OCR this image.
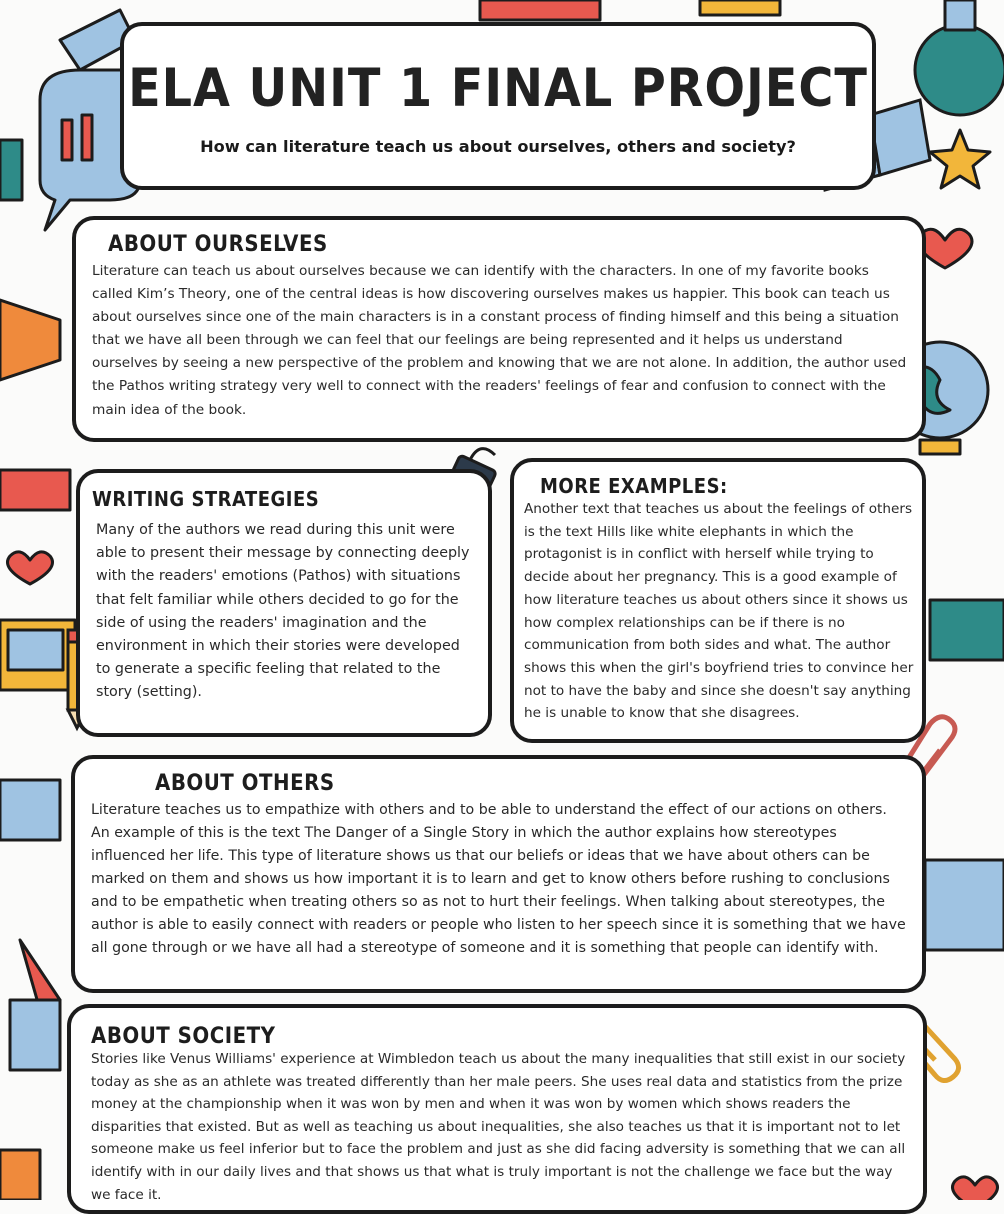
ELA UNIT 1 FINAL PROJECT
How can literature teach us about ourselves, others and society?
ABOUT OURSELVES

Literature can teach us about ourselves because we can identify with the characters. In one of my favorite books called Kim’s Theory, one of the central ideas is how discovering ourselves makes us happier. This book can teach us about ourselves since one of the main characters is in a constant process of finding himself and this being a situation that we have all been through we can feel that our feelings are being represented and it helps us understand ourselves by seeing a new perspective of the problem and knowing that we are not alone. In addition, the author used the Pathos writing strategy very well to connect with the readers' feelings of fear and confusion to connect with the main idea of the book.

WRITING STRATEGIES

Many of the authors we read during this unit were able to present their message by connecting deeply with the readers' emotions (Pathos) with situations that felt familiar while others decided to go for the side of using the readers' imagination and the environment in which their stories were developed to generate a specific feeling that related to the story (setting).

MORE EXAMPLES:

Another text that teaches us about the feelings of others is the text Hills like white elephants in which the protagonist is in conflict with herself while trying to decide about her pregnancy. This is a good example of how literature teaches us about others since it shows us how complex relationships can be if there is no communication from both sides and what. The author shows this when the girl's boyfriend tries to convince her not to have the baby and since she doesn't say anything he is unable to know that she disagrees.

ABOUT OTHERS

Literature teaches us to empathize with others and to be able to understand the effect of our actions on others. An example of this is the text The Danger of a Single Story in which the author explains how stereotypes influenced her life. This type of literature shows us that our beliefs or ideas that we have about others can be marked on them and shows us how important it is to learn and get to know others before rushing to conclusions and to be empathetic when treating others so as not to hurt their feelings. When talking about stereotypes, the author is able to easily connect with readers or people who listen to her speech since it is something that we have all gone through or we have all had a stereotype of someone and it is something that people can identify with.

ABOUT SOCIETY

Stories like Venus Williams' experience at Wimbledon teach us about the many inequalities that still exist in our society today as she as an athlete was treated differently than her male peers. She uses real data and statistics from the prize money at the championship when it was won by men and when it was won by women which shows readers the disparities that existed. But as well as teaching us about inequalities, she also teaches us that it is important not to let someone make us feel inferior but to face the problem and just as she did facing adversity is something that we can all identify with in our daily lives and that shows us that what is truly important is not the challenge we face but the way we face it.
